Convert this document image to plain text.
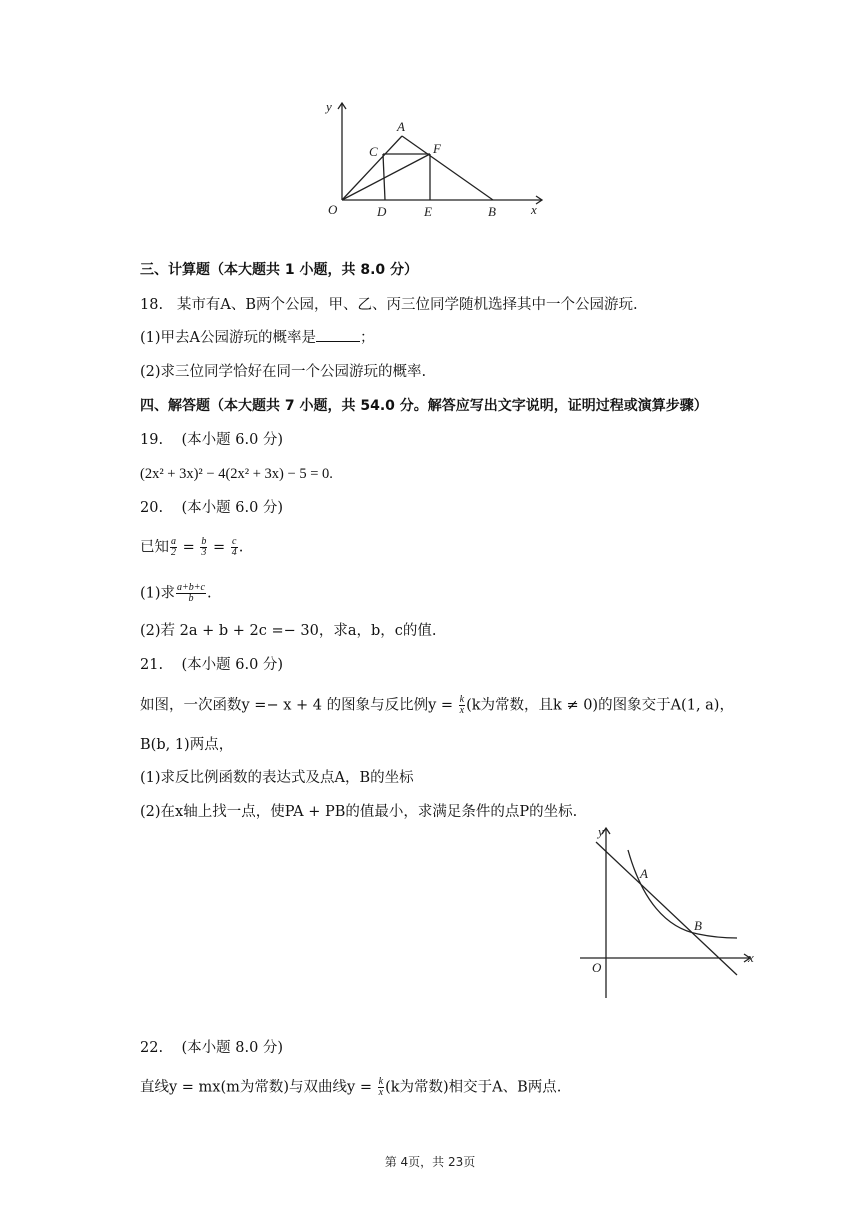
y
A
C	F
O	D	E	B	x
三、计算题（本大题共 1 小题，共 8.0 分）
18. 某市有A、B两个公园，甲、乙、丙三位同学随机选择其中一个公园游玩.
(1)甲去A公园游玩的概率是	；
(2)求三位同学恰好在同一个公园游玩的概率.
四、解答题（本大题共 7 小题，共 54.0 分。解答应写出文字说明，证明过程或演算步骤）
19. (本小题 6.0 分)
(2x² + 3x)² − 4(2x² + 3x) − 5 = 0.
20. (本小题 6.0 分)
已知 $\frac{a}{2} = \frac{b}{3} = \frac{c}{4}$ .
(1)求 $\frac{a+b+c}{b}$ .
(2)若 2a + b + 2c =− 30，求a，b，c的值.
21. (本小题 6.0 分)
如图，一次函数y =− x + 4 的图象与反比例$y = \frac{k}{x} (k$为常数，且k ≠ 0)的图象交于A(1, a)，
B(b, 1)两点，
(1)求反比例函数的表达式及点A，B的坐标
(2)在x轴上找一点，使PA + PB的值最小，求满足条件的点P的坐标.
y
A
B
O
x
22. (本小题 8.0 分)
直线y = mx(m为常数)与双曲线$y = \frac{k}{x} (k$为常数)相交于A、B两点.
第 4页，共 23页
